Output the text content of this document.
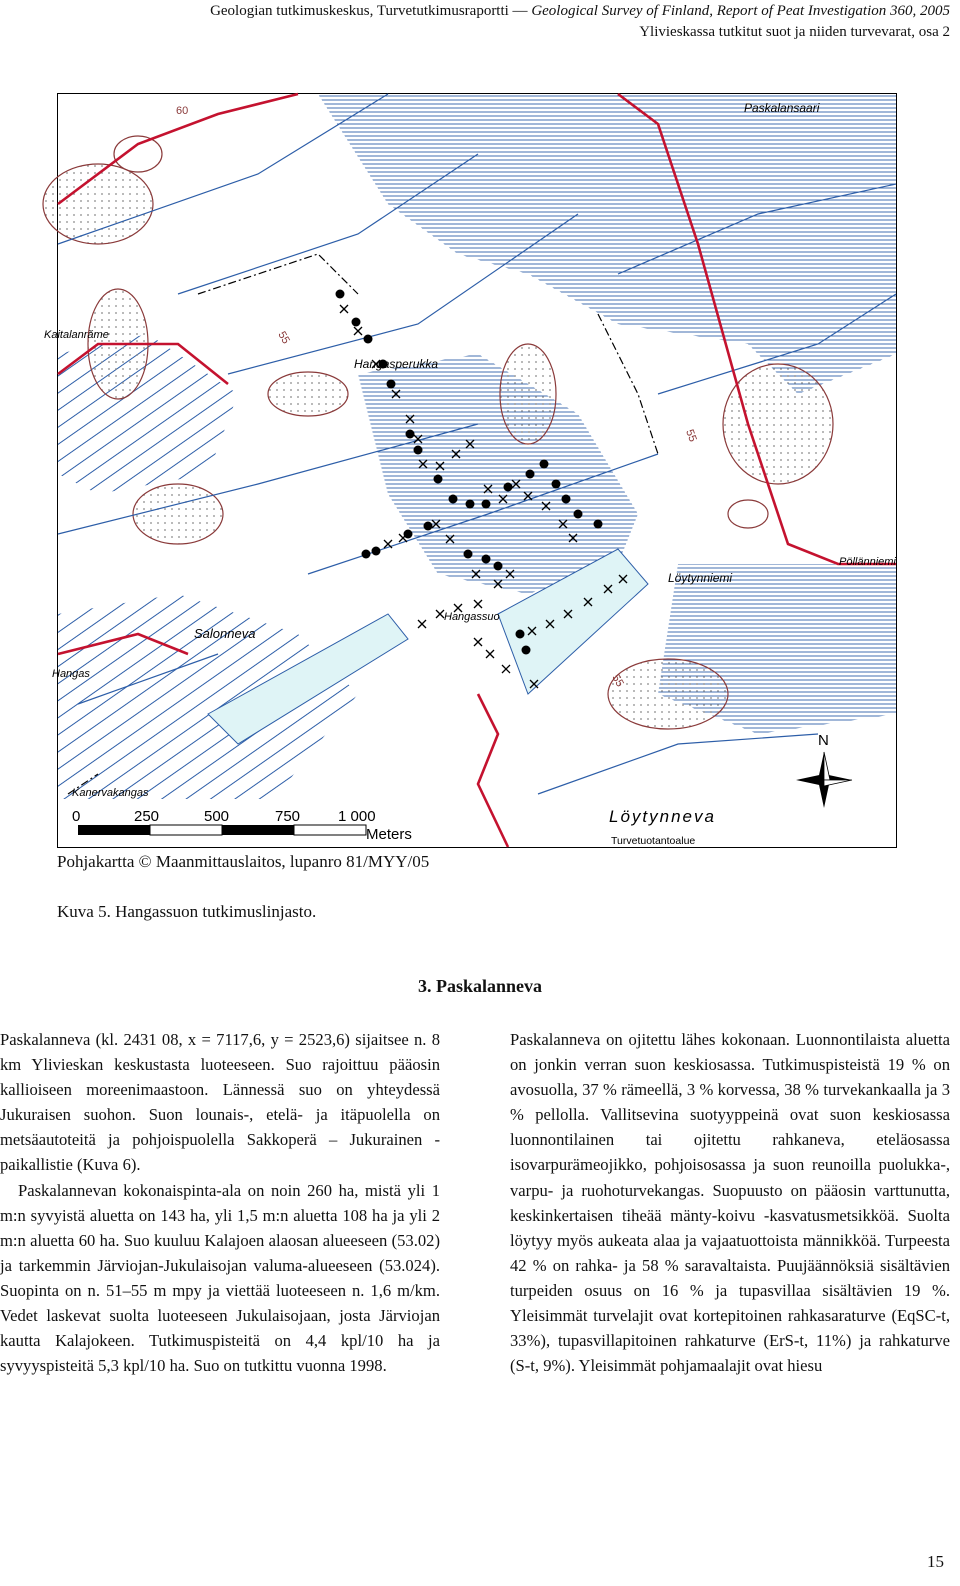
Geologian tutkimuskeskus, Turvetutkimusraportti — Geological Survey of Finland, Report of Peat Investigation 360, 2005
Ylivieskassa tutkitut suot ja niiden turvevarat, osa 2
Paskalansaari
Hangasperukka
Kaitalanrăme
Salonneva
Löytynniemi
Pöllänniemi
Hangassuo
Kanervakangas
Hangas
Löytynneva
Turvetuotantoalue
60
55
55
55
N
0	250	500	750	1 000
Meters
Pohjakartta © Maanmittauslaitos, lupanro 81/MYY/05
Kuva 5. Hangassuon tutkimuslinjasto.
3. Paskalanneva

Paskalanneva (kl. 2431 08, x = 7117,6, y = 2523,6) sijaitsee n. 8 km Ylivieskan keskustasta luoteeseen. Suo rajoittuu pääosin kallioiseen moreenimaastoon. Lännessä suo on yhteydessä Jukuraisen suohon. Suon lounais-, etelä- ja itäpuolella on metsäautoteitä ja pohjoispuolella Sakkoperä – Jukurainen -paikallistie (Kuva 6).

Paskalannevan kokonaispinta-ala on noin 260 ha, mistä yli 1 m:n syvyistä aluetta on 143 ha, yli 1,5 m:n aluetta 108 ha ja yli 2 m:n aluetta 60 ha. Suo kuuluu Kalajoen alaosan alueeseen (53.02) ja tarkemmin Järviojan-Jukulaisojan valuma-alueeseen (53.024). Suopinta on n. 51–55 m mpy ja viettää luoteeseen n. 1,6 m/km. Vedet laskevat suolta luoteeseen Jukulaisojaan, josta Järviojan kautta Kalajokeen. Tutkimuspisteitä on 4,4 kpl/10 ha ja syvyyspisteitä 5,3 kpl/10 ha. Suo on tutkittu vuonna 1998.

Paskalanneva on ojitettu lähes kokonaan. Luonnontilaista aluetta on jonkin verran suon keskiosassa. Tutkimuspisteistä 19 % on avosuolla, 37 % rämeellä, 3 % korvessa, 38 % turvekankaalla ja 3 % pellolla. Vallitsevina suotyyppeinä ovat suon keskiosassa luonnontilainen tai ojitettu rahkaneva, eteläosassa isovarpurämeojikko, pohjoisosassa ja suon reunoilla puolukka-, varpu- ja ruohoturvekangas. Suopuusto on pääosin varttunutta, keskinkertaisen tiheää mänty-koivu -kasvatusmetsikköä. Suolta löytyy myös aukeata alaa ja vajaatuottoista männikköä. Turpeesta 42 % on rahka- ja 58 % saravaltaista. Puujäännöksiä sisältävien turpeiden osuus on 16 % ja tupasvillaa sisältävien 19 %. Yleisimmät turvelajit ovat kortepitoinen rahkasaraturve (EqSC-t, 33%), tupasvillapitoinen rahkaturve (ErS-t, 11%) ja rahkaturve (S-t, 9%). Yleisimmät pohjamaalajit ovat hiesu

15
